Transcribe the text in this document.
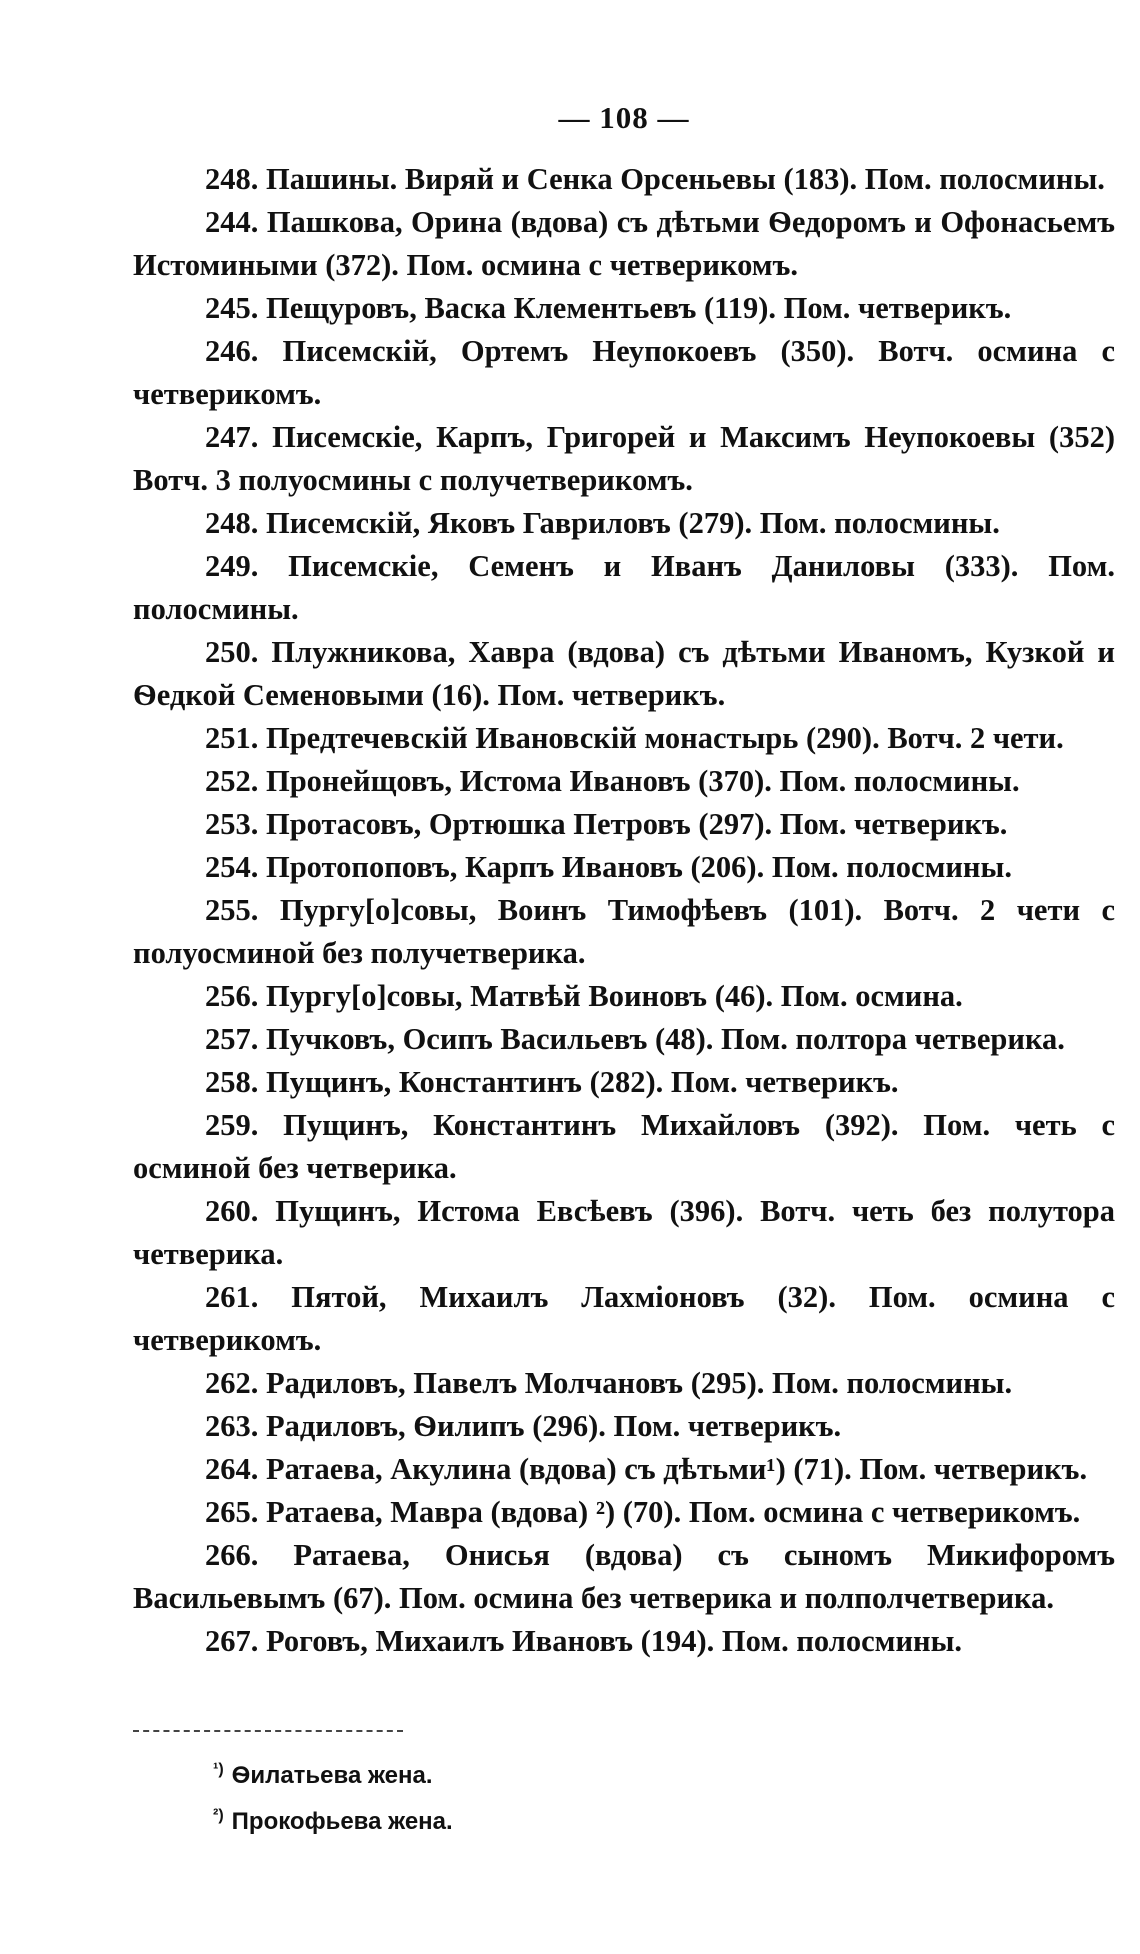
— 108 —

248. Пашины. Виряй и Сенка Орсеньевы (183). Пом. полосмины.

244. Пашкова, Орина (вдова) съ дѣтьми Ѳедоромъ и Офонасьемъ Истомиными (372). Пом. осмина с четверикомъ.

245. Пещуровъ, Васка Клементьевъ (119). Пом. четверикъ.

246. Писемскій, Ортемъ Неупокоевъ (350). Вотч. осмина с четверикомъ.

247. Писемскіе, Карпъ, Григорей и Максимъ Неупокоевы (352) Вотч. 3 полуосмины с получетверикомъ.

248. Писемскій, Яковъ Гавриловъ (279). Пом. полосмины.

249. Писемскіе, Семенъ и Иванъ Даниловы (333). Пом. полосмины.

250. Плужникова, Хавра (вдова) съ дѣтьми Иваномъ, Кузкой и Ѳедкой Семеновыми (16). Пом. четверикъ.

251. Предтечевскій Ивановскій монастырь (290). Вотч. 2 чети.

252. Пронейщовъ, Истома Ивановъ (370). Пом. полосмины.

253. Протасовъ, Ортюшка Петровъ (297). Пом. четверикъ.

254. Протопоповъ, Карпъ Ивановъ (206). Пом. полосмины.

255. Пургу[о]совы, Воинъ Тимофѣевъ (101). Вотч. 2 чети с полуосминой без получетверика.

256. Пургу[о]совы, Матвѣй Воиновъ (46). Пом. осмина.

257. Пучковъ, Осипъ Васильевъ (48). Пом. полтора четверика.

258. Пущинъ, Константинъ (282). Пом. четверикъ.

259. Пущинъ, Константинъ Михайловъ (392). Пом. четь с осминой без четверика.

260. Пущинъ, Истома Евсѣевъ (396). Вотч. четь без полутора четверика.

261. Пятой, Михаилъ Лахмiоновъ (32). Пом. осмина с четверикомъ.

262. Радиловъ, Павелъ Молчановъ (295). Пом. полосмины.

263. Радиловъ, Ѳилипъ (296). Пом. четверикъ.

264. Ратаева, Акулина (вдова) съ дѣтьми¹) (71). Пом. четверикъ.

265. Ратаева, Мавра (вдова) ²) (70). Пом. осмина с четверикомъ.

266. Ратаева, Онисья (вдова) съ сыномъ Микифоромъ Васильевымъ (67). Пом. осмина без четверика и полполчетверика.

267. Роговъ, Михаилъ Ивановъ (194). Пом. полосмины.

$^{^1)}$ Ѳилатьева жена.

$^{^2)}$ Прокофьева жена.
